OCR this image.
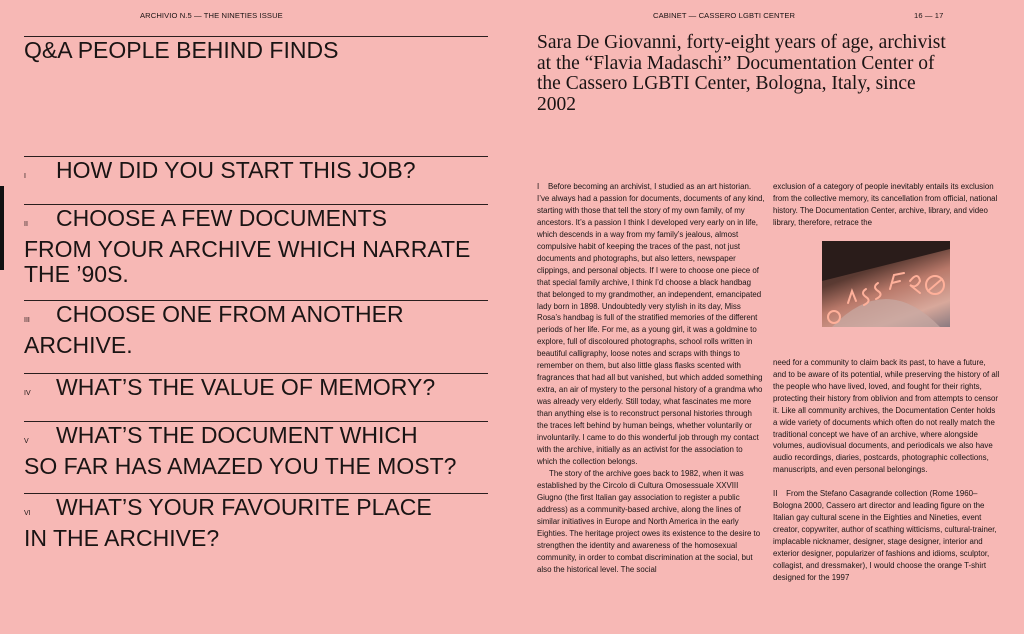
ARCHIVIO N.5 — THE NINETIES ISSUE
Q&A PEOPLE BEHIND FINDS
I HOW DID YOU START THIS JOB?
II CHOOSE A FEW DOCUMENTS
FROM YOUR ARCHIVE WHICH NARRATE THE ’90S.
III CHOOSE ONE FROM ANOTHER
ARCHIVE.
IV WHAT’S THE VALUE OF MEMORY?
V WHAT’S THE DOCUMENT WHICH
SO FAR HAS AMAZED YOU THE MOST?
VI WHAT’S YOUR FAVOURITE PLACE
IN THE ARCHIVE?
CABINET — CASSERO LGBTI CENTER	16 — 17
Sara De Giovanni, forty-eight years of age, archivist at the “Flavia Madaschi” Documentation Center of the Cassero LGBTI Center, Bologna, Italy, since 2002

I    Before becoming an archivist, I studied as an art historian. I’ve always had a passion for documents, documents of any kind, starting with those that tell the story of my own family, of my ancestors. It’s a passion I think I developed very early on in life, which descends in a way from my family’s jealous, almost compulsive habit of keeping the traces of the past, not just documents and photographs, but also letters, newspaper clippings, and personal objects. If I were to choose one piece of that special family archive, I think I’d choose a black handbag that belonged to my grandmother, an independent, emancipated lady born in 1898. Undoubtedly very stylish in its day, Miss Rosa’s handbag is full of the stratified memories of the different periods of her life. For me, as a young girl, it was a goldmine to explore, full of discoloured photographs, school rolls written in beautiful calligraphy, loose notes and scraps with things to remember on them, but also little glass flasks scented with fragrances that had all but vanished, but which added something extra, an air of mystery to the personal history of a grandma who was already very elderly. Still today, what fascinates me more than anything else is to reconstruct personal histories through the traces left behind by human beings, whether voluntarily or involuntarily. I came to do this wonderful job through my contact with the archive, initially as an activist for the association to which the collection belongs.

The story of the archive goes back to 1982, when it was established by the Circolo di Cultura Omosessuale XXVIII Giugno (the first Italian gay association to register a public address) as a community-based archive, along the lines of similar initiatives in Europe and North America in the early Eighties. The heritage project owes its existence to the desire to strengthen the identity and awareness of the homosexual community, in order to combat discrimination at the social, but also the historical level. The social

exclusion of a category of people inevitably entails its exclusion from the collective memory, its cancellation from official, national history. The Documentation Center, archive, library, and video library, therefore, retrace the

need for a community to claim back its past, to have a future, and to be aware of its potential, while preserving the history of all the people who have lived, loved, and fought for their rights, protecting their history from oblivion and from attempts to censor it. Like all community archives, the Documentation Center holds a wide variety of documents which often do not really match the traditional concept we have of an archive, where alongside volumes, audiovisual documents, and periodicals we also have audio recordings, diaries, postcards, photographic collections, manuscripts, and even personal belongings.

II    From the Stefano Casagrande collection (Rome 1960–Bologna 2000, Cassero art director and leading figure on the Italian gay cultural scene in the Eighties and Nineties, event creator, copywriter, author of scathing witticisms, cultural-trainer, implacable nicknamer, designer, stage designer, interior and exterior designer, popularizer of fashions and idioms, sculptor, collagist, and dressmaker), I would choose the orange T-shirt designed for the 1997
